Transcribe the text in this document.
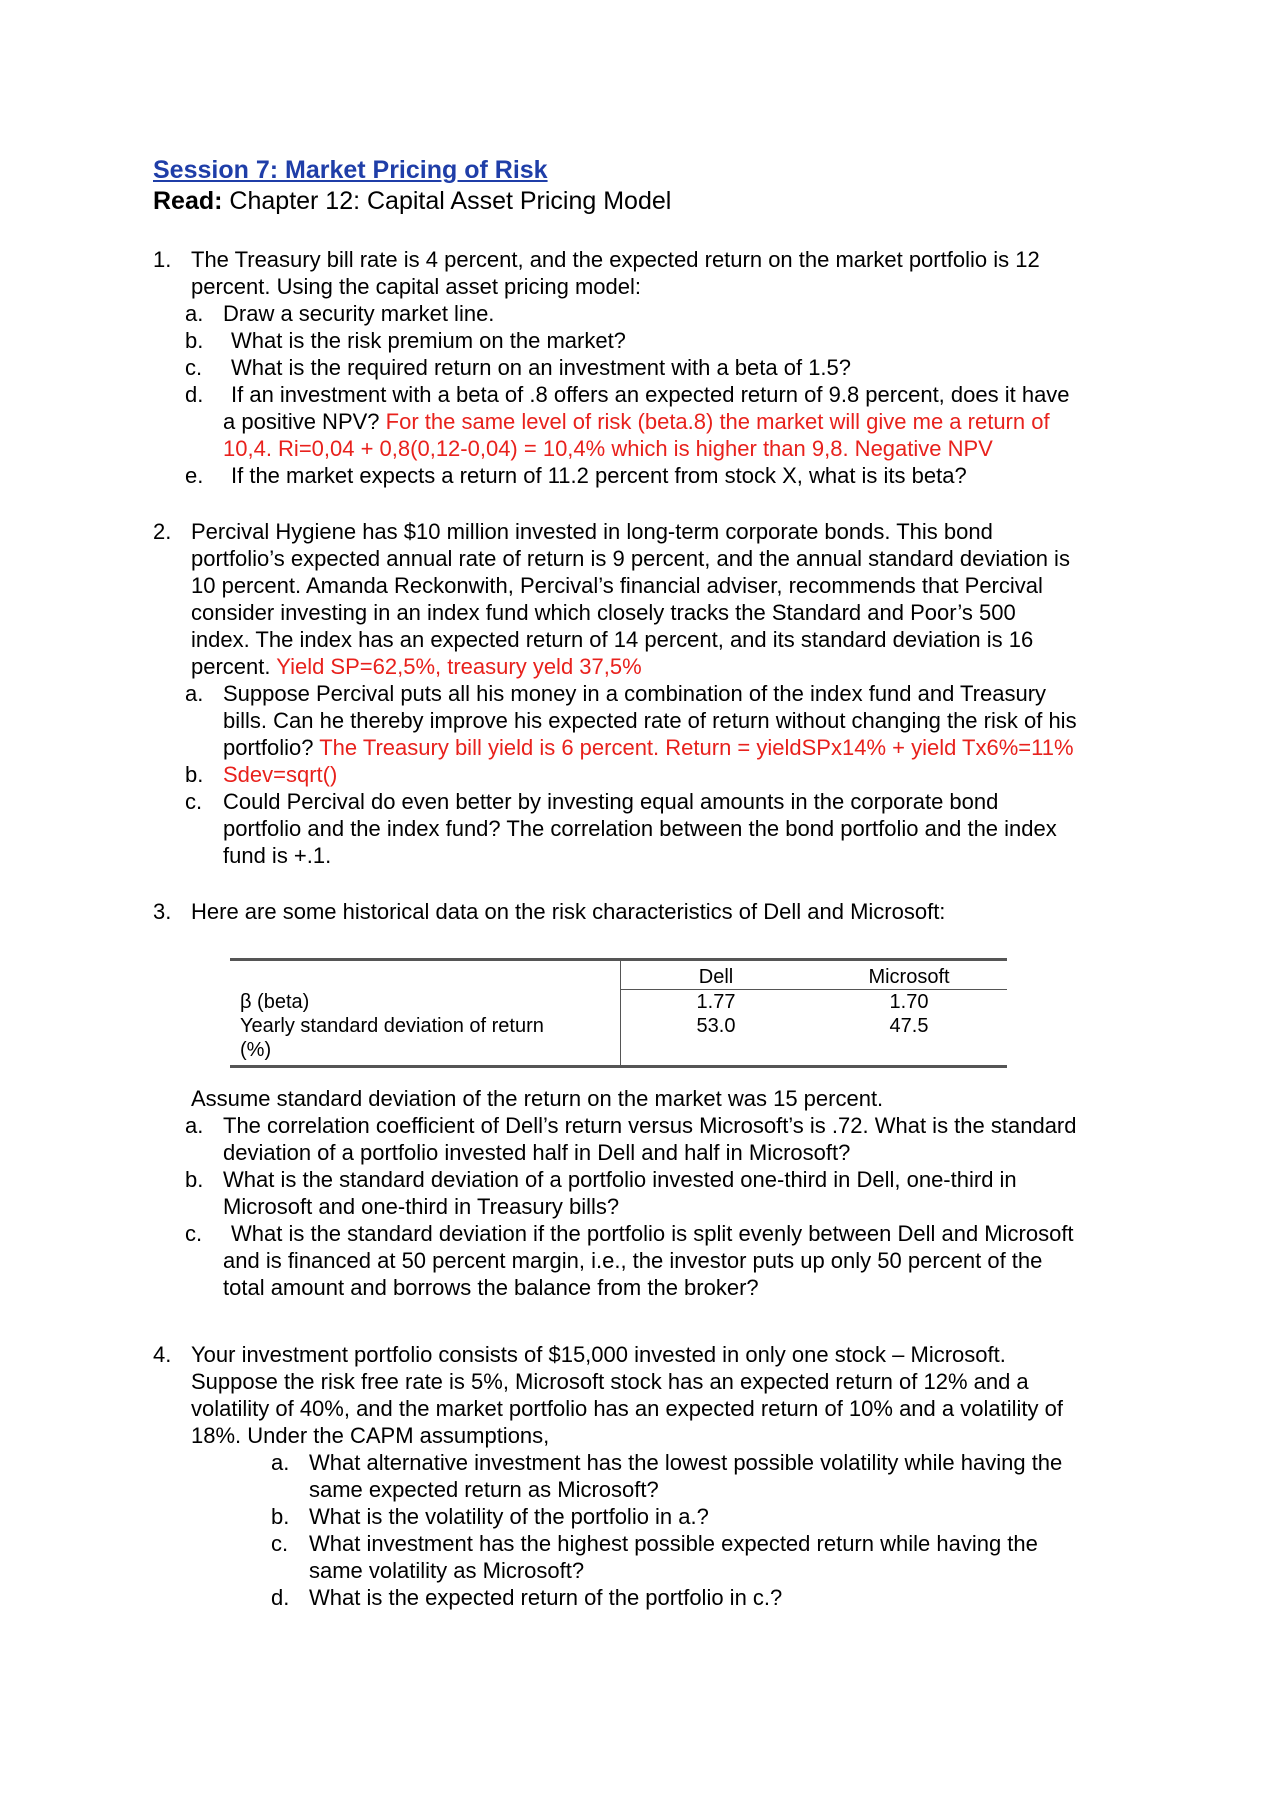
Session 7: Market Pricing of Risk
Read: Chapter 12: Capital Asset Pricing Model
1. The Treasury bill rate is 4 percent, and the expected return on the market portfolio is 12
percent. Using the capital asset pricing model:
a. Draw a security market line.
b. What is the risk premium on the market?
c. What is the required return on an investment with a beta of 1.5?
d. If an investment with a beta of .8 offers an expected return of 9.8 percent, does it have
a positive NPV? For the same level of risk (beta.8) the market will give me a return of
10,4. Ri=0,04 + 0,8(0,12-0,04) = 10,4% which is higher than 9,8. Negative NPV
e. If the market expects a return of 11.2 percent from stock X, what is its beta?
2. Percival Hygiene has $10 million invested in long-term corporate bonds. This bond
portfolio’s expected annual rate of return is 9 percent, and the annual standard deviation is
10 percent. Amanda Reckonwith, Percival’s financial adviser, recommends that Percival
consider investing in an index fund which closely tracks the Standard and Poor’s 500
index. The index has an expected return of 14 percent, and its standard deviation is 16
percent. Yield SP=62,5%, treasury yeld 37,5%
a. Suppose Percival puts all his money in a combination of the index fund and Treasury
bills. Can he thereby improve his expected rate of return without changing the risk of his
portfolio? The Treasury bill yield is 6 percent. Return = yieldSPx14% + yield Tx6%=11%
b. Sdev=sqrt()
c. Could Percival do even better by investing equal amounts in the corporate bond
portfolio and the index fund? The correlation between the bond portfolio and the index
fund is +.1.
3. Here are some historical data on the risk characteristics of Dell and Microsoft:
	Dell	Microsoft
β (beta)	1.77	1.70
Yearly standard deviation of return
(%)	53.0	47.5
Assume standard deviation of the return on the market was 15 percent.
a. The correlation coefficient of Dell’s return versus Microsoft’s is .72. What is the standard
deviation of a portfolio invested half in Dell and half in Microsoft?
b. What is the standard deviation of a portfolio invested one-third in Dell, one-third in
Microsoft and one-third in Treasury bills?
c. What is the standard deviation if the portfolio is split evenly between Dell and Microsoft
and is financed at 50 percent margin, i.e., the investor puts up only 50 percent of the
total amount and borrows the balance from the broker?
4. Your investment portfolio consists of $15,000 invested in only one stock – Microsoft.
Suppose the risk free rate is 5%, Microsoft stock has an expected return of 12% and a
volatility of 40%, and the market portfolio has an expected return of 10% and a volatility of
18%. Under the CAPM assumptions,
a. What alternative investment has the lowest possible volatility while having the
same expected return as Microsoft?
b. What is the volatility of the portfolio in a.?
c. What investment has the highest possible expected return while having the
same volatility as Microsoft?
d. What is the expected return of the portfolio in c.?
